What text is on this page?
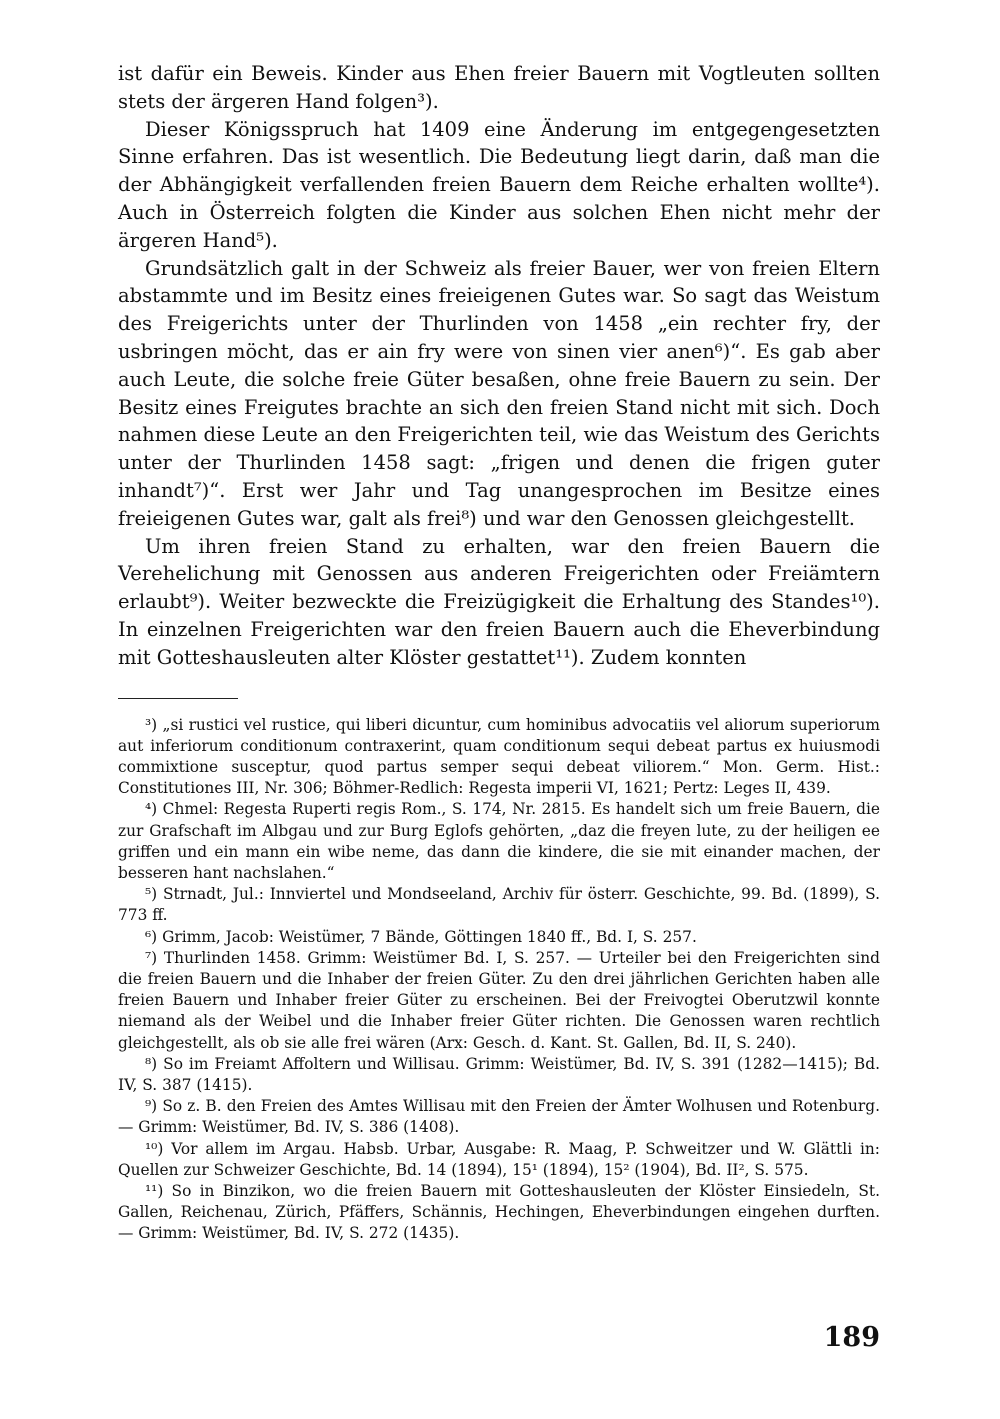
ist dafür ein Beweis. Kinder aus Ehen freier Bauern mit Vogtleuten sollten stets der ärgeren Hand folgen³).

Dieser Königsspruch hat 1409 eine Änderung im entgegengesetzten Sinne erfahren. Das ist wesentlich. Die Bedeutung liegt darin, daß man die der Abhängigkeit verfallenden freien Bauern dem Reiche erhalten wollte⁴). Auch in Österreich folgten die Kinder aus solchen Ehen nicht mehr der ärgeren Hand⁵).

Grundsätzlich galt in der Schweiz als freier Bauer, wer von freien Eltern abstammte und im Besitz eines freieigenen Gutes war. So sagt das Weistum des Freigerichts unter der Thurlinden von 1458 „ein rechter fry, der usbringen möcht, das er ain fry were von sinen vier anen⁶)“. Es gab aber auch Leute, die solche freie Güter besaßen, ohne freie Bauern zu sein. Der Besitz eines Freigutes brachte an sich den freien Stand nicht mit sich. Doch nahmen diese Leute an den Freigerichten teil, wie das Weistum des Gerichts unter der Thurlinden 1458 sagt: „frigen und denen die frigen guter inhandt⁷)“. Erst wer Jahr und Tag unangesprochen im Besitze eines freieigenen Gutes war, galt als frei⁸) und war den Genossen gleichgestellt.

Um ihren freien Stand zu erhalten, war den freien Bauern die Verehelichung mit Genossen aus anderen Freigerichten oder Freiämtern erlaubt⁹). Weiter bezweckte die Freizügigkeit die Erhaltung des Standes¹⁰). In einzelnen Freigerichten war den freien Bauern auch die Eheverbindung mit Gotteshausleuten alter Klöster gestattet¹¹). Zudem konnten

³) „si rustici vel rustice, qui liberi dicuntur, cum hominibus advocatiis vel aliorum superiorum aut inferiorum conditionum contraxerint, quam conditionum sequi debeat partus ex huiusmodi commixtione susceptur, quod partus semper sequi debeat viliorem.“ Mon. Germ. Hist.: Constitutiones III, Nr. 306; Böhmer-Redlich: Regesta imperii VI, 1621; Pertz: Leges II, 439.

⁴) Chmel: Regesta Ruperti regis Rom., S. 174, Nr. 2815. Es handelt sich um freie Bauern, die zur Grafschaft im Albgau und zur Burg Eglofs gehörten, „daz die freyen lute, zu der heiligen ee griffen und ein mann ein wibe neme, das dann die kindere, die sie mit einander machen, der besseren hant nachslahen.“

⁵) Strnadt, Jul.: Innviertel und Mondseeland, Archiv für österr. Geschichte, 99. Bd. (1899), S. 773 ff.

⁶) Grimm, Jacob: Weistümer, 7 Bände, Göttingen 1840 ff., Bd. I, S. 257.

⁷) Thurlinden 1458. Grimm: Weistümer Bd. I, S. 257. — Urteiler bei den Freigerichten sind die freien Bauern und die Inhaber der freien Güter. Zu den drei jährlichen Gerichten haben alle freien Bauern und Inhaber freier Güter zu erscheinen. Bei der Freivogtei Oberutzwil konnte niemand als der Weibel und die Inhaber freier Güter richten. Die Genossen waren rechtlich gleichgestellt, als ob sie alle frei wären (Arx: Gesch. d. Kant. St. Gallen, Bd. II, S. 240).

⁸) So im Freiamt Affoltern und Willisau. Grimm: Weistümer, Bd. IV, S. 391 (1282—1415); Bd. IV, S. 387 (1415).

⁹) So z. B. den Freien des Amtes Willisau mit den Freien der Ämter Wolhusen und Rotenburg. — Grimm: Weistümer, Bd. IV, S. 386 (1408).

¹⁰) Vor allem im Argau. Habsb. Urbar, Ausgabe: R. Maag, P. Schweitzer und W. Glättli in: Quellen zur Schweizer Geschichte, Bd. 14 (1894), 15¹ (1894), 15² (1904), Bd. II², S. 575.

¹¹) So in Binzikon, wo die freien Bauern mit Gotteshausleuten der Klöster Einsiedeln, St. Gallen, Reichenau, Zürich, Pfäffers, Schännis, Hechingen, Eheverbindungen eingehen durften. — Grimm: Weistümer, Bd. IV, S. 272 (1435).

189
